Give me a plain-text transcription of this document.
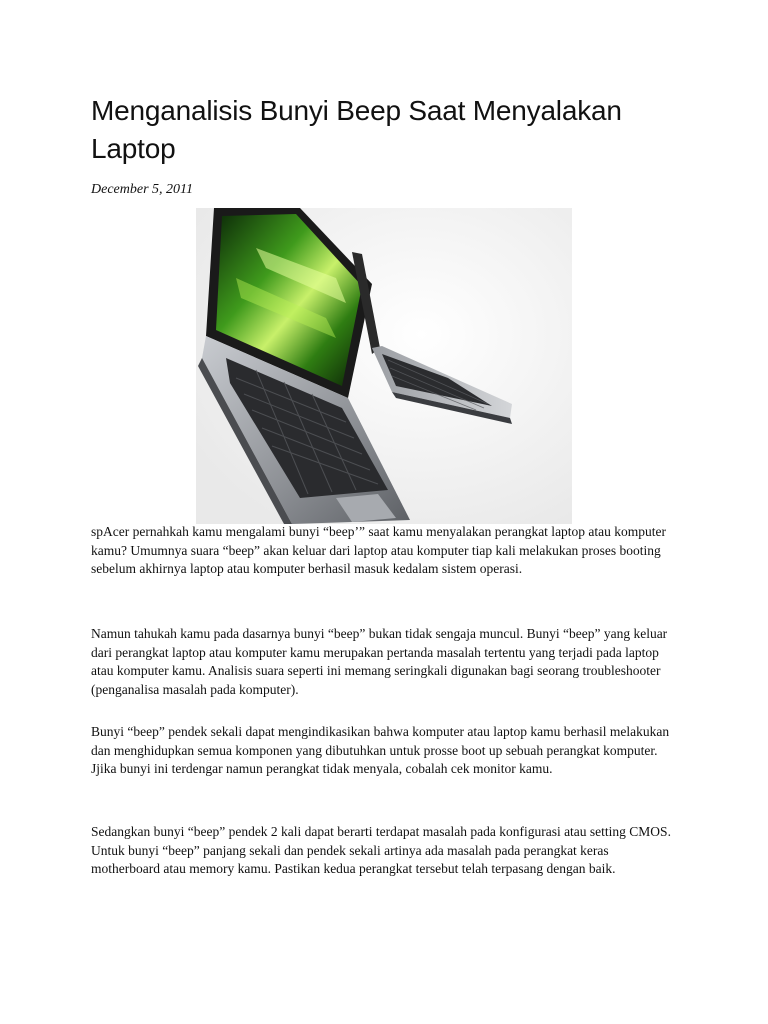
Menganalisis Bunyi Beep Saat Menyalakan Laptop
December 5, 2011

spAcer pernahkah kamu mengalami bunyi “beep’” saat kamu menyalakan perangkat laptop atau komputer kamu? Umumnya suara “beep” akan keluar dari laptop atau komputer tiap kali melakukan proses booting sebelum akhirnya laptop atau komputer berhasil masuk kedalam sistem operasi.

Namun tahukah kamu pada dasarnya bunyi “beep” bukan tidak sengaja muncul. Bunyi “beep” yang keluar dari perangkat laptop atau komputer kamu merupakan pertanda masalah tertentu yang terjadi pada laptop atau komputer kamu. Analisis suara seperti ini memang seringkali digunakan bagi seorang troubleshooter (penganalisa masalah pada komputer).

Bunyi “beep” pendek sekali dapat mengindikasikan bahwa komputer atau laptop kamu berhasil melakukan dan menghidupkan semua komponen yang dibutuhkan untuk prosse boot up sebuah perangkat komputer. Jjika bunyi ini terdengar namun perangkat tidak menyala, cobalah cek monitor kamu.

Sedangkan bunyi “beep” pendek 2 kali dapat berarti terdapat masalah pada konfigurasi atau setting CMOS. Untuk bunyi “beep” panjang sekali dan pendek sekali artinya ada masalah pada perangkat keras motherboard atau memory kamu. Pastikan kedua perangkat tersebut telah terpasang dengan baik.
